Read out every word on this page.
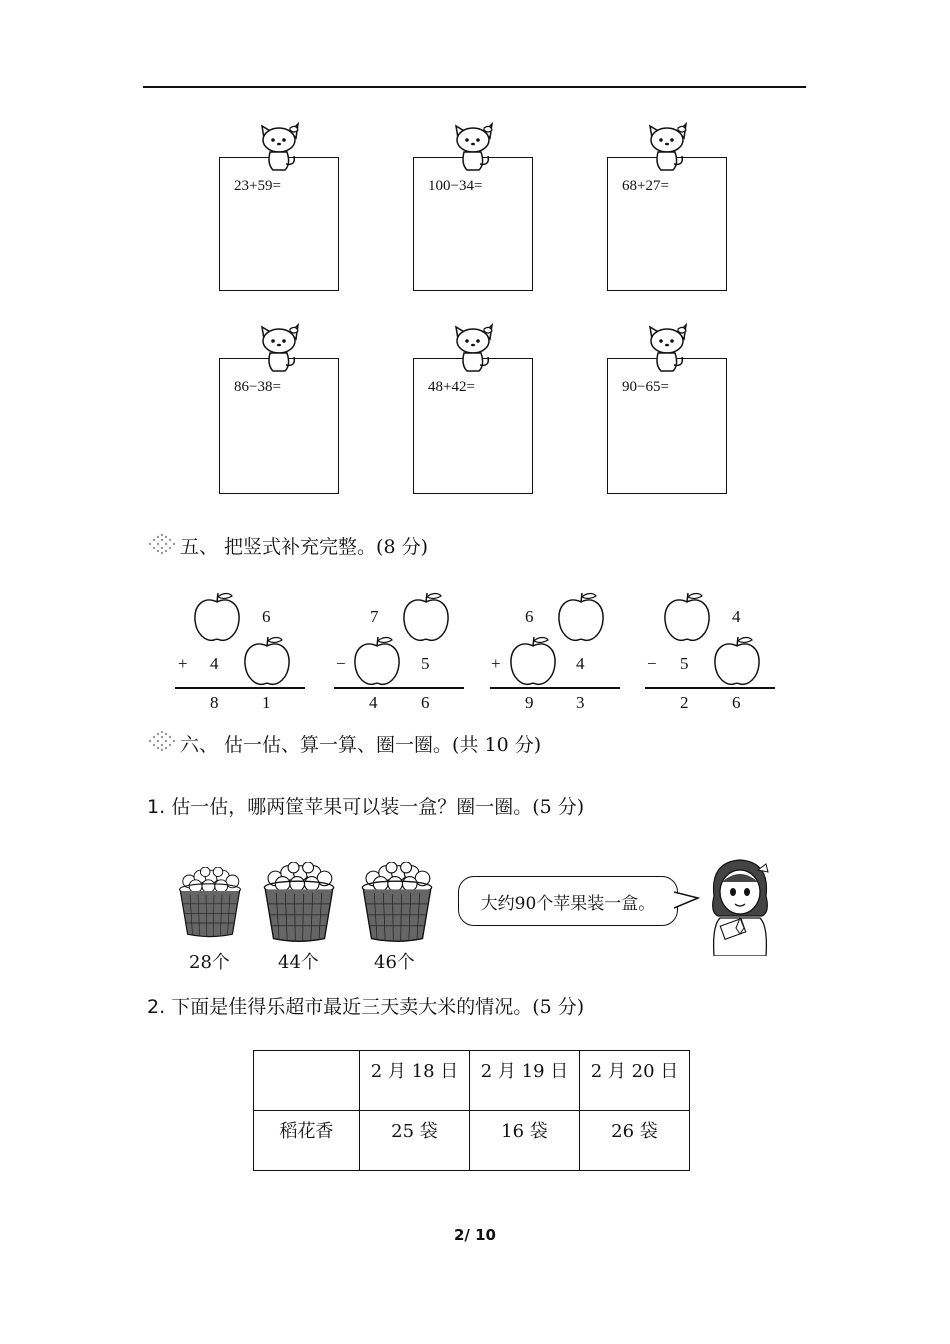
23+59=	100−34=	68+27=
86−38=	48+42=	90−65=
五、 把竖式补充完整。(8 分)
6
+ 4
8	1
7
−	5
4	6
6
+	4
9	3
4
− 5
2	6
六、 估一估、算一算、圈一圈。(共 10 分)
1. 估一估，哪两筐苹果可以装一盒？圈一圈。(5 分)
28个	44个	46个
大约90个苹果装一盒。
2. 下面是佳得乐超市最近三天卖大米的情况。(5 分)
	2 月 18 日	2 月 19 日	2 月 20 日
稻花香	25 袋	16 袋	26 袋
2/ 10
